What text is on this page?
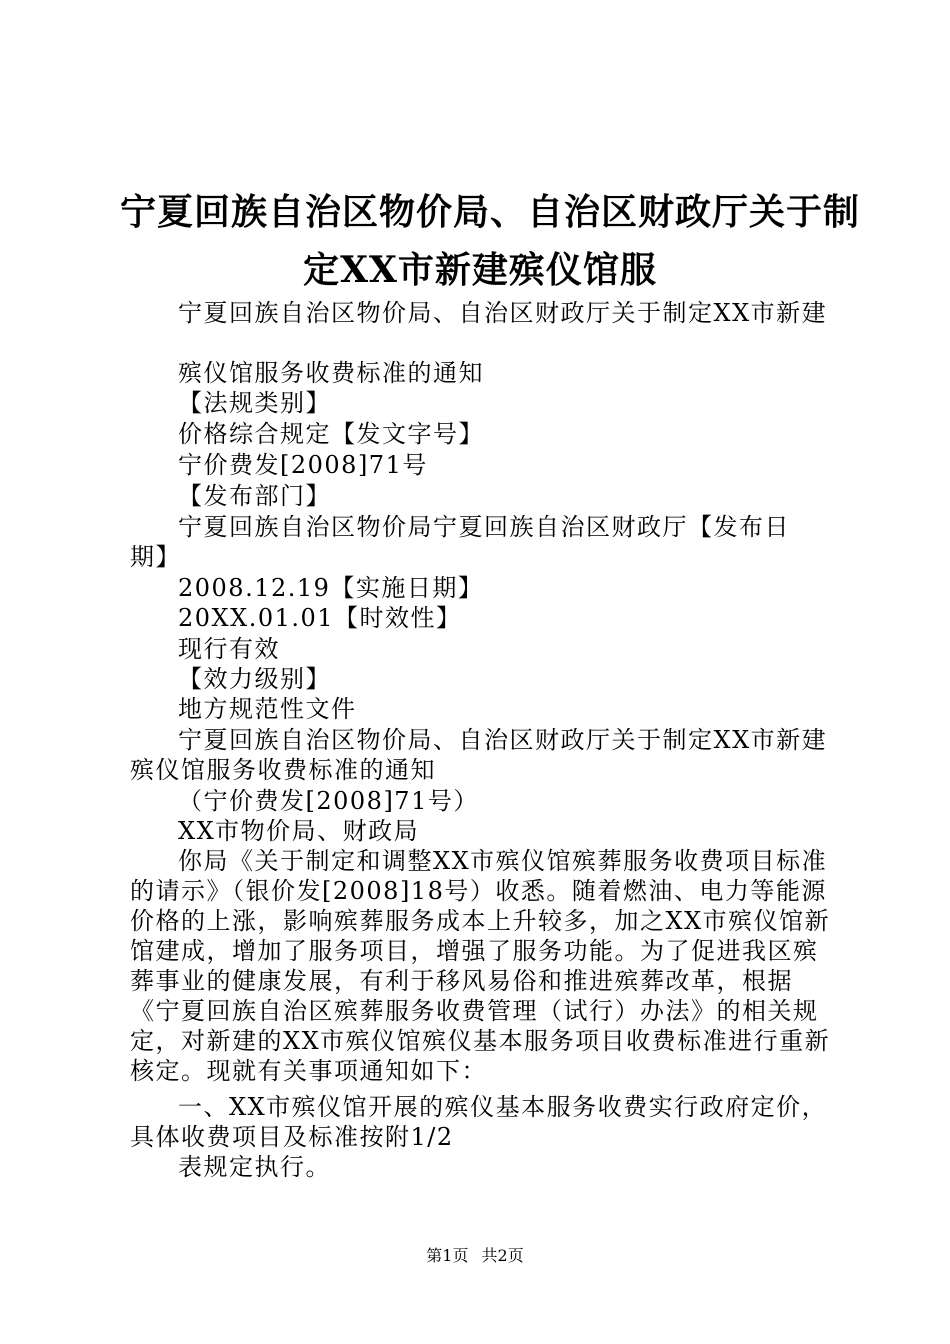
宁夏回族自治区物价局、自治区财政厅关于制
定XX市新建殡仪馆服
宁夏回族自治区物价局、自治区财政厅关于制定XX市新建
殡仪馆服务收费标准的通知
【法规类别】
价格综合规定【发文字号】
宁价费发[2008]71号
【发布部门】
宁夏回族自治区物价局宁夏回族自治区财政厅【发布日
期】
2008.12.19【实施日期】
20XX.01.01【时效性】
现行有效
【效力级别】
地方规范性文件
宁夏回族自治区物价局、自治区财政厅关于制定XX市新建
殡仪馆服务收费标准的通知
（宁价费发[2008]71号）
XX市物价局、财政局
你局《关于制定和调整XX市殡仪馆殡葬服务收费项目标准
的请示》（银价发[2008]18号）收悉。随着燃油、电力等能源
价格的上涨，影响殡葬服务成本上升较多，加之XX市殡仪馆新
馆建成，增加了服务项目，增强了服务功能。为了促进我区殡
葬事业的健康发展，有利于移风易俗和推进殡葬改革，根据
《宁夏回族自治区殡葬服务收费管理（试行）办法》的相关规
定，对新建的XX市殡仪馆殡仪基本服务项目收费标准进行重新
核定。现就有关事项通知如下：
一、XX市殡仪馆开展的殡仪基本服务收费实行政府定价，
具体收费项目及标准按附1/2
表规定执行。
第1页 共2页
